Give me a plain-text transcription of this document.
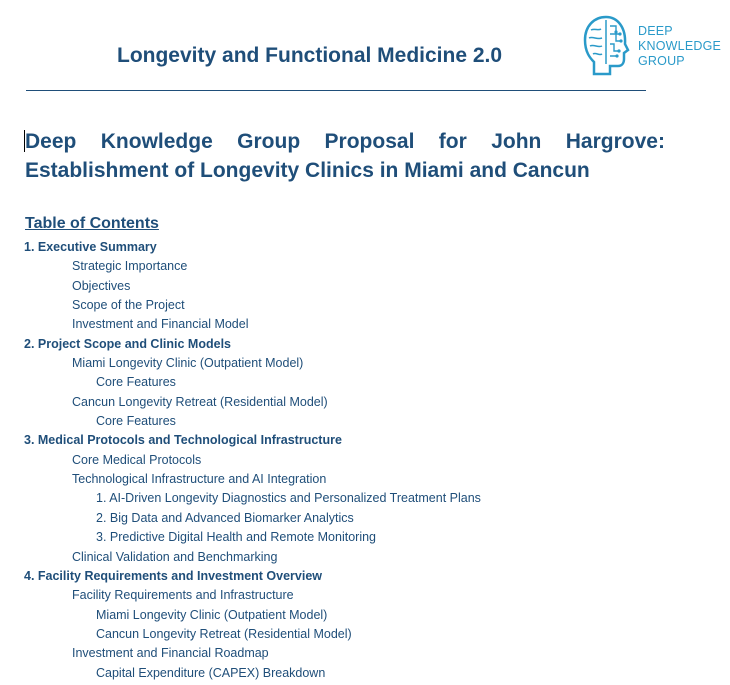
Longevity and Functional Medicine 2.0
DEEP
KNOWLEDGE
GROUP
Deep Knowledge Group Proposal for John Hargrove:
Establishment of Longevity Clinics in Miami and Cancun
Table of Contents
1. Executive Summary
Strategic Importance
Objectives
Scope of the Project
Investment and Financial Model
2. Project Scope and Clinic Models
Miami Longevity Clinic (Outpatient Model)
Core Features
Cancun Longevity Retreat (Residential Model)
Core Features
3. Medical Protocols and Technological Infrastructure
Core Medical Protocols
Technological Infrastructure and AI Integration
1. AI-Driven Longevity Diagnostics and Personalized Treatment Plans
2. Big Data and Advanced Biomarker Analytics
3. Predictive Digital Health and Remote Monitoring
Clinical Validation and Benchmarking
4. Facility Requirements and Investment Overview
Facility Requirements and Infrastructure
Miami Longevity Clinic (Outpatient Model)
Cancun Longevity Retreat (Residential Model)
Investment and Financial Roadmap
Capital Expenditure (CAPEX) Breakdown
